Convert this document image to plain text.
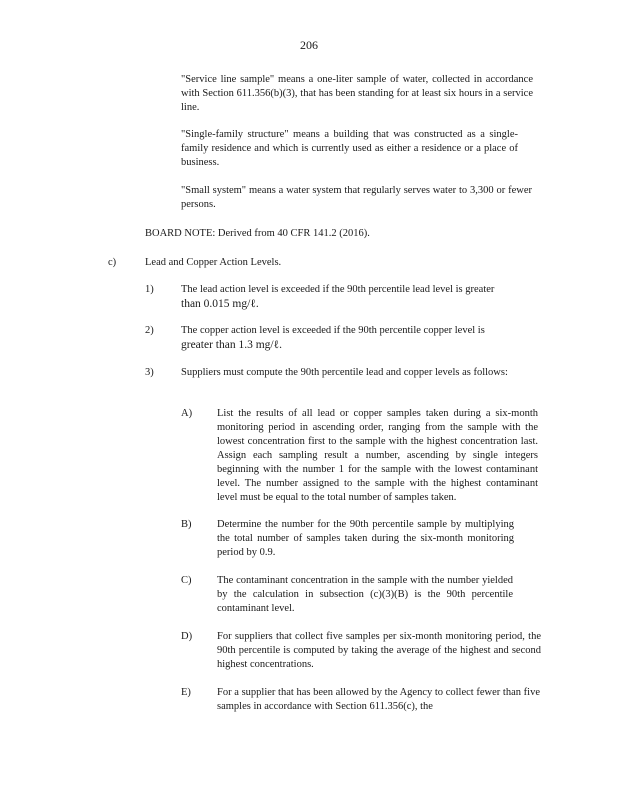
206

"Service line sample" means a one-liter sample of water, collected in accordance with Section 611.356(b)(3), that has been standing for at least six hours in a service line.

"Single-family structure" means a building that was constructed as a single-family residence and which is currently used as either a residence or a place of business.

"Small system" means a water system that regularly serves water to 3,300 or fewer persons.

BOARD NOTE: Derived from 40 CFR 141.2 (2016).

c)	Lead and Copper Action Levels.
1)	The lead action level is exceeded if the 90th percentile lead level is greater
than 0.015 mg/ℓ.
2)	The copper action level is exceeded if the 90th percentile copper level is
greater than 1.3 mg/ℓ.
3)	Suppliers must compute the 90th percentile lead and copper levels as follows:

A) List the results of all lead or copper samples taken during a six-month monitoring period in ascending order, ranging from the sample with the lowest concentration first to the sample with the highest concentration last. Assign each sampling result a number, ascending by single integers beginning with the number 1 for the sample with the lowest contaminant level. The number assigned to the sample with the highest contaminant level must be equal to the total number of samples taken.

B) Determine the number for the 90th percentile sample by multiplying the total number of samples taken during the six-month monitoring period by 0.9.

C) The contaminant concentration in the sample with the number yielded by the calculation in subsection (c)(3)(B) is the 90th percentile contaminant level.

D) For suppliers that collect five samples per six-month monitoring period, the 90th percentile is computed by taking the average of the highest and second highest concentrations.

E) For a supplier that has been allowed by the Agency to collect fewer than five samples in accordance with Section 611.356(c), the
